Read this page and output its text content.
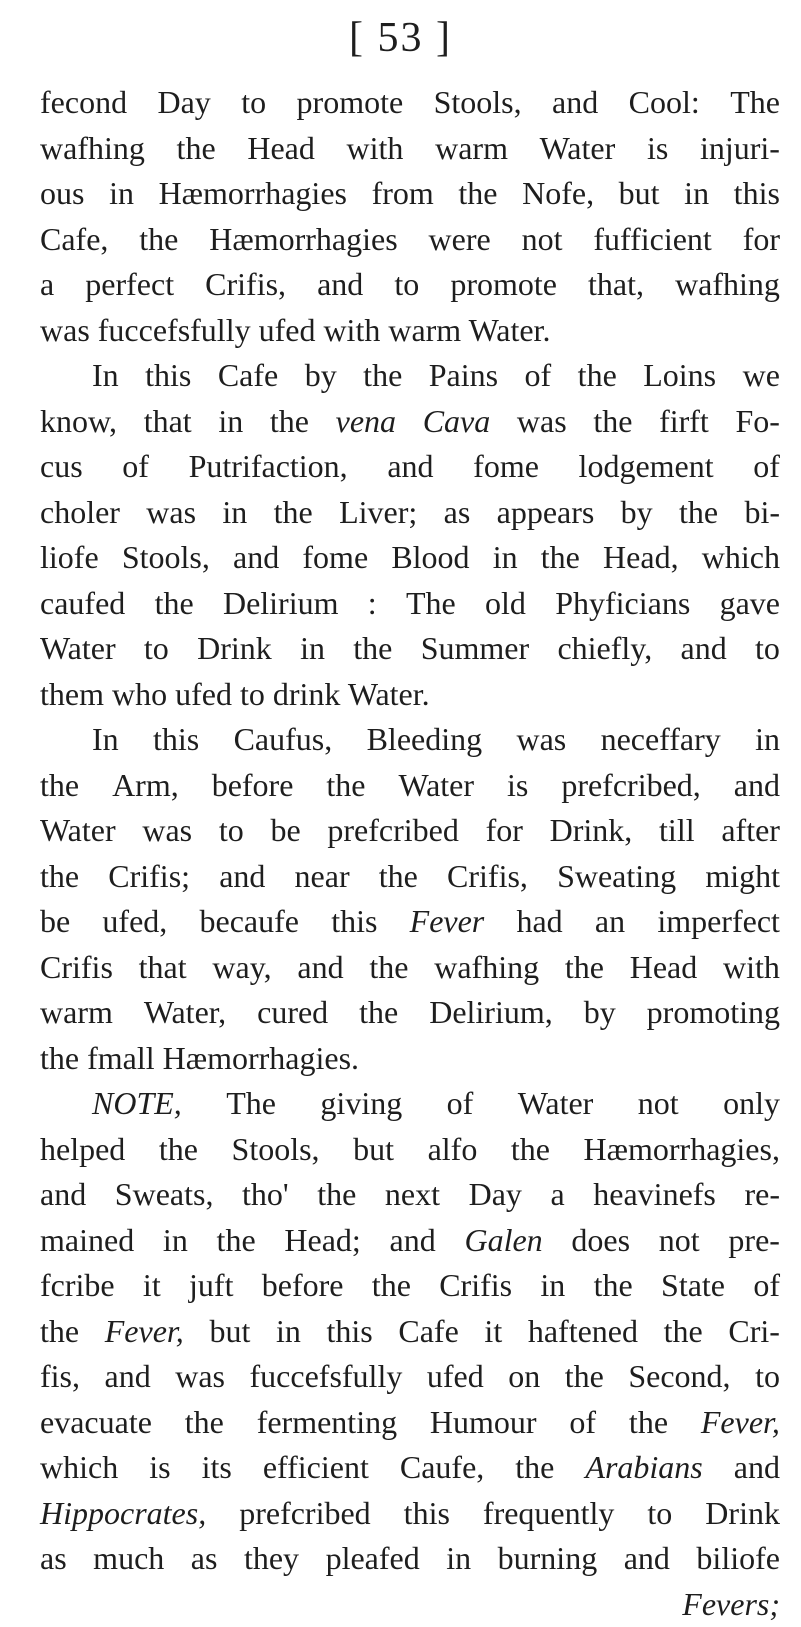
[ 53 ]
fecond Day to promote Stools, and Cool: The
wafhing the Head with warm Water is injuri-
ous in Hæmorrhagies from the Nofe, but in this
Cafe, the Hæmorrhagies were not fufficient for
a perfect Crifis, and to promote that, wafhing
was fuccefsfully ufed with warm Water.
In this Cafe by the Pains of the Loins we
know, that in the vena Cava was the firft Fo-
cus of Putrifaction, and fome lodgement of
choler was in the Liver; as appears by the bi-
liofe Stools, and fome Blood in the Head, which
caufed the Delirium : The old Phyficians gave
Water to Drink in the Summer chiefly, and to
them who ufed to drink Water.
In this Caufus, Bleeding was neceffary in
the Arm, before the Water is prefcribed, and
Water was to be prefcribed for Drink, till after
the Crifis; and near the Crifis, Sweating might
be ufed, becaufe this Fever had an imperfect
Crifis that way, and the wafhing the Head with
warm Water, cured the Delirium, by promoting
the fmall Hæmorrhagies.
NOTE, The giving of Water not only
helped the Stools, but alfo the Hæmorrhagies,
and Sweats, tho' the next Day a heavinefs re-
mained in the Head; and Galen does not pre-
fcribe it juft before the Crifis in the State of
the Fever, but in this Cafe it haftened the Cri-
fis, and was fuccefsfully ufed on the Second, to
evacuate the fermenting Humour of the Fever,
which is its efficient Caufe, the Arabians and
Hippocrates, prefcribed this frequently to Drink
as much as they pleafed in burning and biliofe
Fevers;
